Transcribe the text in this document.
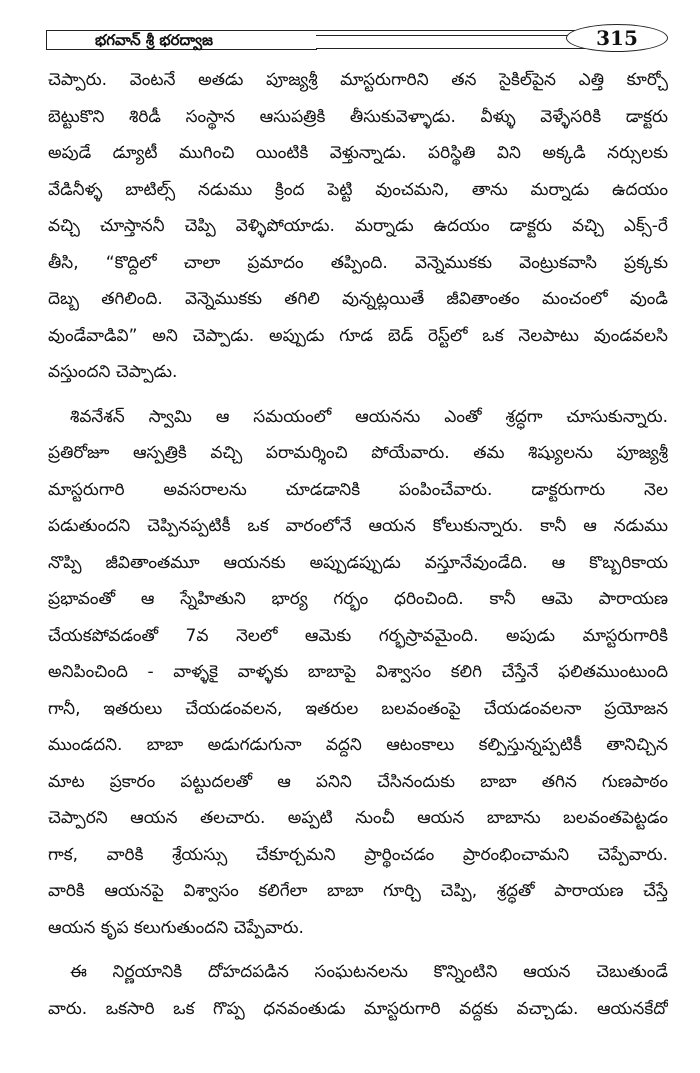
భగవాన్ శ్రీ భరద్వాజ	315
చెప్పారు. వెంటనే అతడు పూజ్యశ్రీ మాస్టరుగారిని తన సైకిల్‌పైన ఎత్తి కూర్చో
బెట్టుకొని శిరిడీ సంస్థాన ఆసుపత్రికి తీసుకువెళ్ళాడు. వీళ్ళు వెళ్ళేసరికి డాక్టరు
అపుడే డ్యూటీ ముగించి యింటికి వెళ్తున్నాడు. పరిస్థితి విని అక్కడి నర్సులకు
వేడినీళ్ళ బాటిల్స్ నడుము క్రింద పెట్టి వుంచమని, తాను మర్నాడు ఉదయం
వచ్చి చూస్తాననీ చెప్పి వెళ్ళిపోయాడు. మర్నాడు ఉదయం డాక్టరు వచ్చి ఎక్స్-రే
తీసి, “కొద్దిలో చాలా ప్రమాదం తప్పింది. వెన్నెముకకు వెంట్రుకవాసి ప్రక్కకు
దెబ్బ తగిలింది. వెన్నెముకకు తగిలి వున్నట్లయితే జీవితాంతం మంచంలో వుండి
వుండేవాడివి” అని చెప్పాడు. అప్పుడు గూడ బెడ్ రెస్ట్‌లో ఒక నెలపాటు వుండవలసి
వస్తుందని చెప్పాడు.
శివనేశన్ స్వామి ఆ సమయంలో ఆయనను ఎంతో శ్రద్ధగా చూసుకున్నారు.
ప్రతిరోజూ ఆస్పత్రికి వచ్చి పరామర్శించి పోయేవారు. తమ శిష్యులను పూజ్యశ్రీ
మాస్టరుగారి అవసరాలను చూడడానికి పంపించేవారు. డాక్టరుగారు నెల
పడుతుందని చెప్పినప్పటికీ ఒక వారంలోనే ఆయన కోలుకున్నారు. కానీ ఆ నడుము
నొప్పి జీవితాంతమూ ఆయనకు అప్పుడప్పుడు వస్తూనేవుండేది. ఆ కొబ్బరికాయ
ప్రభావంతో ఆ స్నేహితుని భార్య గర్భం ధరించింది. కానీ ఆమె పారాయణ
చేయకపోవడంతో 7వ నెలలో ఆమెకు గర్భస్రావమైంది. అపుడు మాస్టరుగారికి
అనిపించింది - వాళ్ళకై వాళ్ళకు బాబాపై విశ్వాసం కలిగి చేస్తేనే ఫలితముంటుంది
గానీ, ఇతరులు చేయడంవలన, ఇతరుల బలవంతంపై చేయడంవలనా ప్రయోజన
ముండదని. బాబా అడుగడుగునా వద్దని ఆటంకాలు కల్పిస్తున్నప్పటికీ తానిచ్చిన
మాట ప్రకారం పట్టుదలతో ఆ పనిని చేసినందుకు బాబా తగిన గుణపాఠం
చెప్పారని ఆయన తలచారు. అప్పటి నుంచీ ఆయన బాబాను బలవంతపెట్టడం
గాక, వారికి శ్రేయస్సు చేకూర్చమని ప్రార్థించడం ప్రారంభించామని చెప్పేవారు.
వారికి ఆయనపై విశ్వాసం కలిగేలా బాబా గూర్చి చెప్పి, శ్రద్ధతో పారాయణ చేస్తే
ఆయన కృప కలుగుతుందని చెప్పేవారు.
ఈ నిర్ణయానికి దోహదపడిన సంఘటనలను కొన్నింటిని ఆయన చెబుతుండే
వారు. ఒకసారి ఒక గొప్ప ధనవంతుడు మాస్టరుగారి వద్దకు వచ్చాడు. ఆయనకేదో
